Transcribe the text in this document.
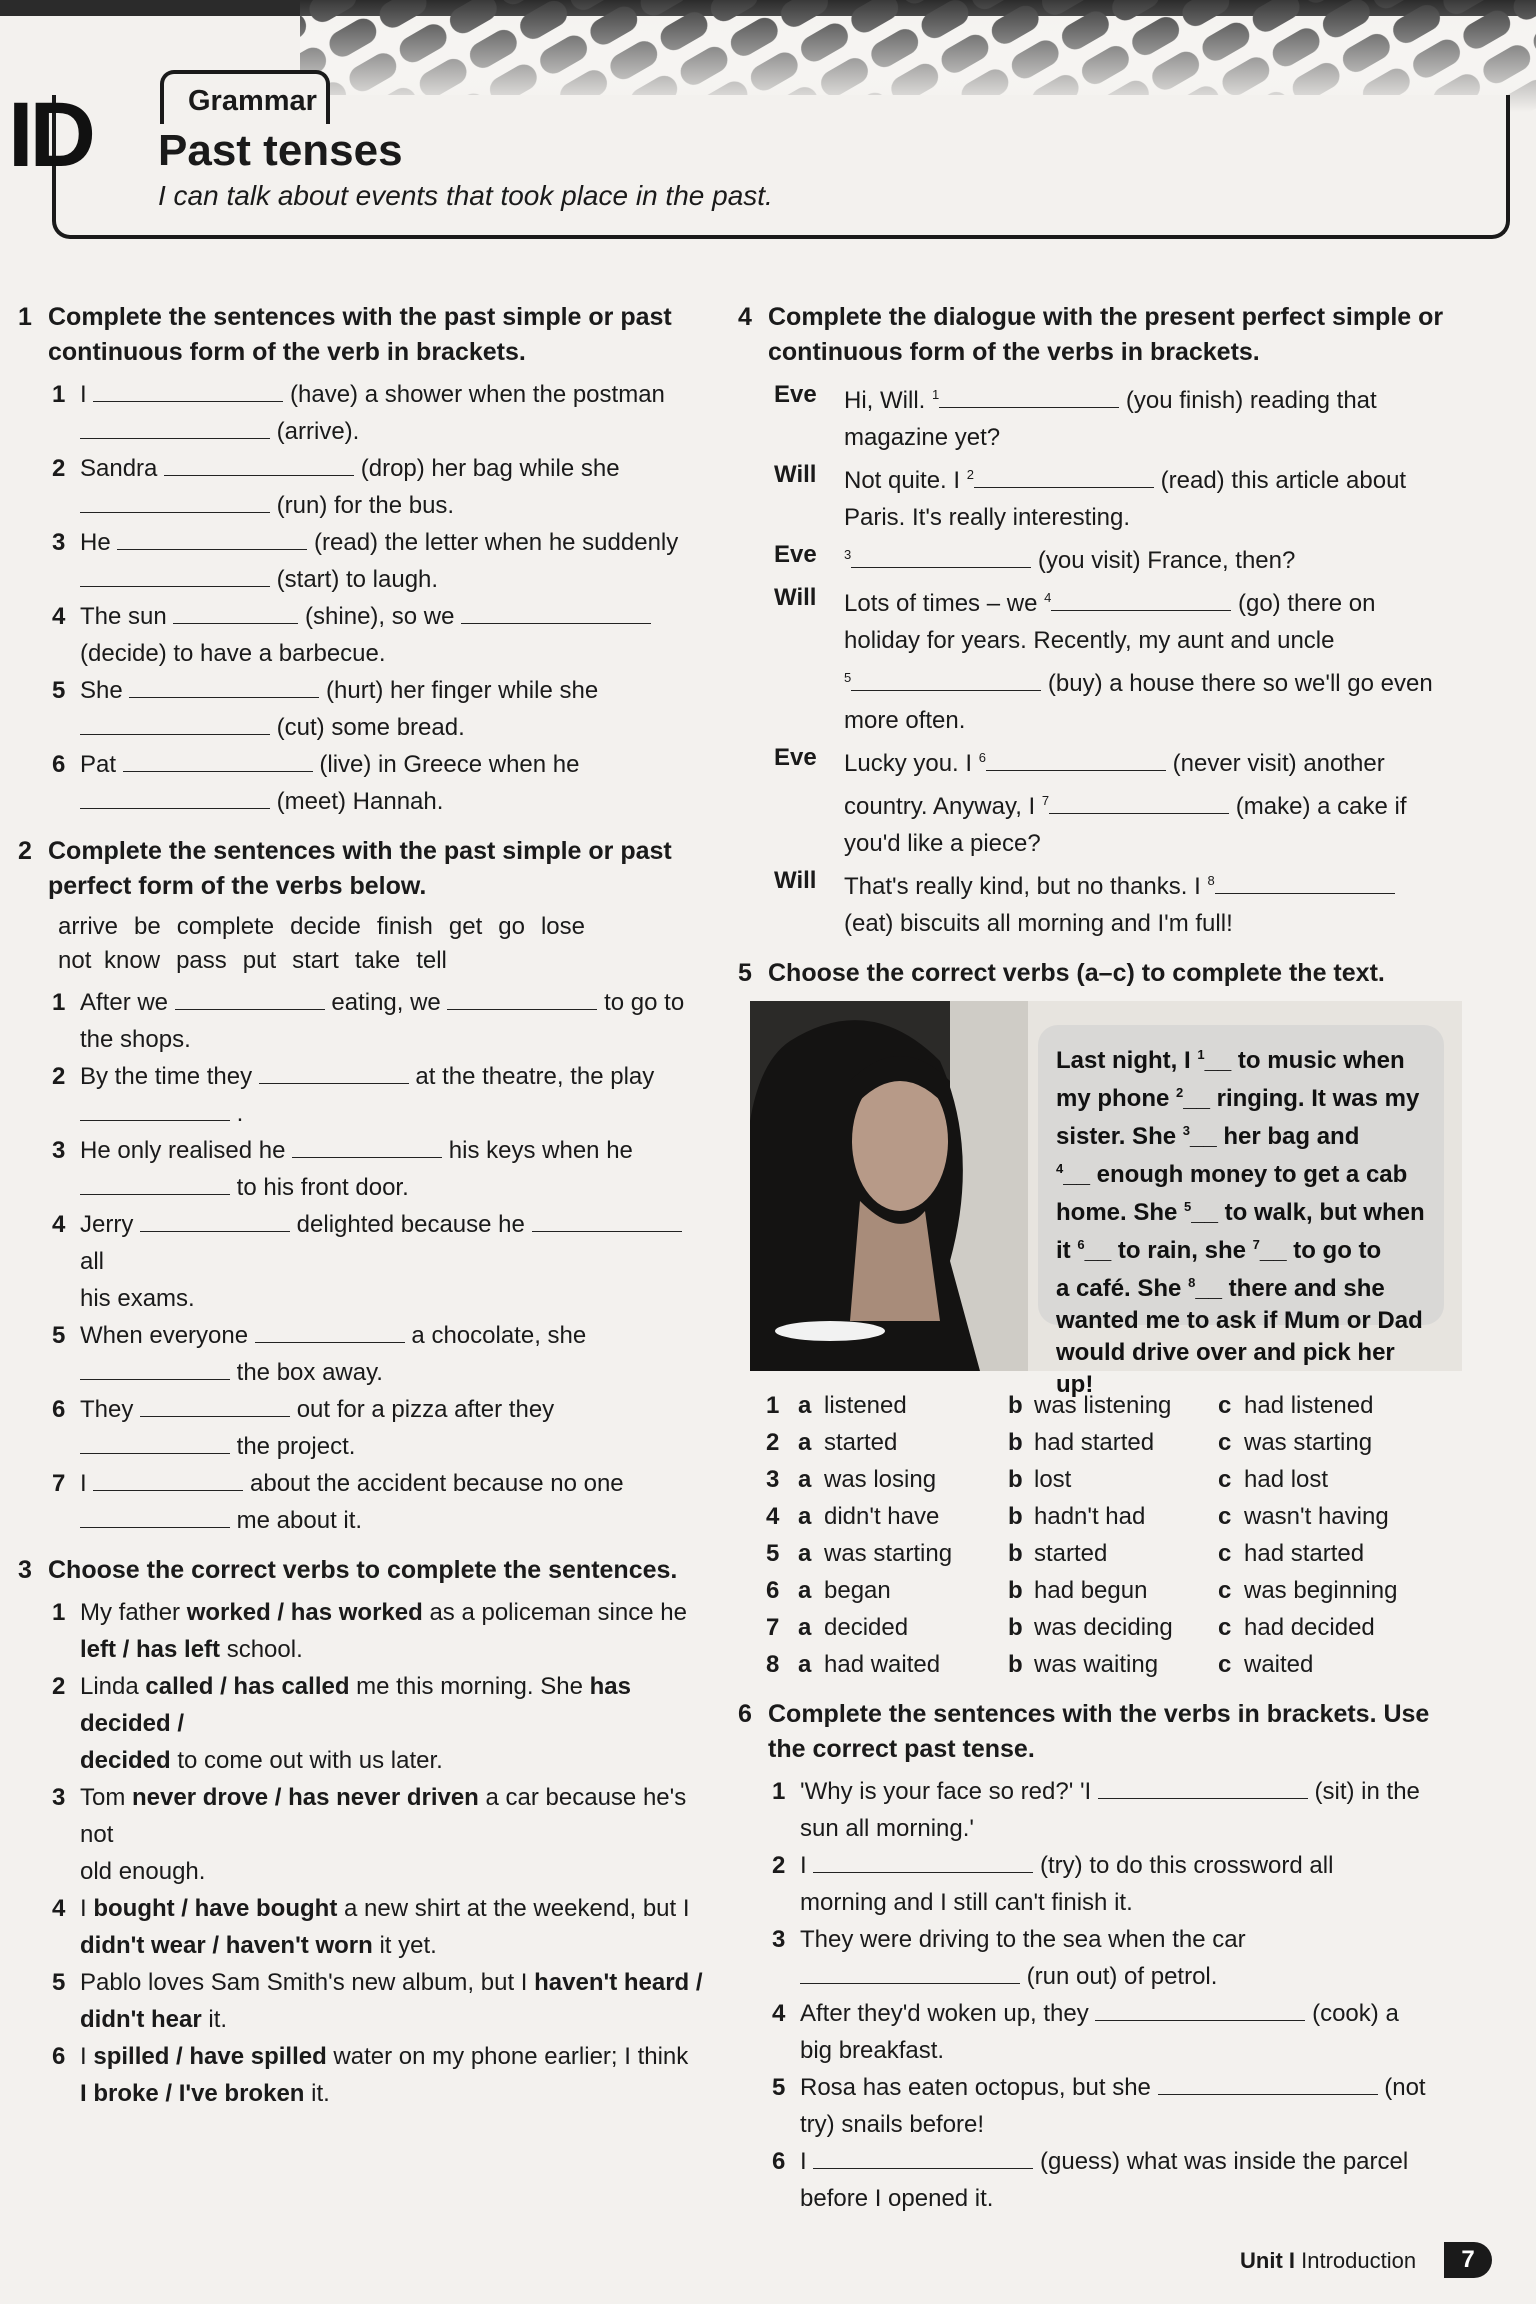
ID	Grammar
Past tenses
I can talk about events that took place in the past.
1 Complete the sentences with the past simple or past continuous form of the verb in brackets.
1 I	(have) a shower when the postman
(arrive).
2 Sandra	(drop) her bag while she
(run) for the bus.
3 He	(read) the letter when he suddenly
(start) to laugh.
4 The sun	(shine), so we
(decide) to have a barbecue.
5 She	(hurt) her finger while she
(cut) some bread.
6 Pat	(live) in Greece when he
(meet) Hannah.
2 Complete the sentences with the past simple or past perfect form of the verbs below.
arrive be complete decide finish get go lose
not know pass put start take tell
1 After we	eating, we	to go to
the shops.
2 By the time they	at the theatre, the play
.
3 He only realised he	his keys when he
to his front door.
4 Jerry	delighted because he  all
his exams.
5 When everyone	a chocolate, she
the box away.
6 They	out for a pizza after they
the project.
7 I	about the accident because no one
me about it.
3 Choose the correct verbs to complete the sentences.
1 My father worked / has worked as a policeman since he
left / has left school.
2 Linda called / has called me this morning. She has decided /
decided to come out with us later.
3 Tom never drove / has never driven a car because he's not
old enough.
4 I bought / have bought a new shirt at the weekend, but I
didn't wear / haven't worn it yet.
5 Pablo loves Sam Smith's new album, but I haven't heard /
didn't hear it.
6 I spilled / have spilled water on my phone earlier; I think
I broke / I've broken it.
4 Complete the dialogue with the present perfect simple or continuous form of the verbs in brackets.
Eve	Hi, Will. $^1$	(you finish) reading that
magazine yet?
Will	Not quite. I $^2$	(read) this article about
Paris. It's really interesting.
Eve	$^3$	(you visit) France, then?
Will	Lots of times – we $^4$	(go) there on
holiday for years. Recently, my aunt and uncle
$^5$	(buy) a house there so we'll go even
more often.
Eve	Lucky you. I $^6$	(never visit) another
country. Anyway, I $^7$	(make) a cake if
you'd like a piece?
Will	That's really kind, but no thanks. I $^8$
(eat) biscuits all morning and I'm full!
5 Choose the correct verbs (a–c) to complete the text.
Last night, I $^1$__ to music when
my phone $^2$__ ringing. It was my
sister. She $^3$__ her bag and
$^4$__ enough money to get a cab
home. She $^5$__ to walk, but when
it $^6$__ to rain, she $^7$__ to go to
a café. She $^8$__ there and she
wanted me to ask if Mum or Dad
would drive over and pick her up!
1 a listened	b was listening c had listened
2 a started	b had started	c was starting
3 a was losing	b lost	c had lost
4 a didn't have	b hadn't had	c wasn't having
5 a was starting b started	c had started
6 a began	b had begun	c was beginning
7 a decided	b was deciding c had decided
8 a had waited	b was waiting c waited
6 Complete the sentences with the verbs in brackets. Use the correct past tense.
1 'Why is your face so red?' 'I	(sit) in the
sun all morning.'
2 I	(try) to do this crossword all
morning and I still can't finish it.
3 They were driving to the sea when the car
(run out) of petrol.
4 After they'd woken up, they	(cook) a
big breakfast.
5 Rosa has eaten octopus, but she	(not
try) snails before!
6 I	(guess) what was inside the parcel
before I opened it.
Unit I Introduction	7
